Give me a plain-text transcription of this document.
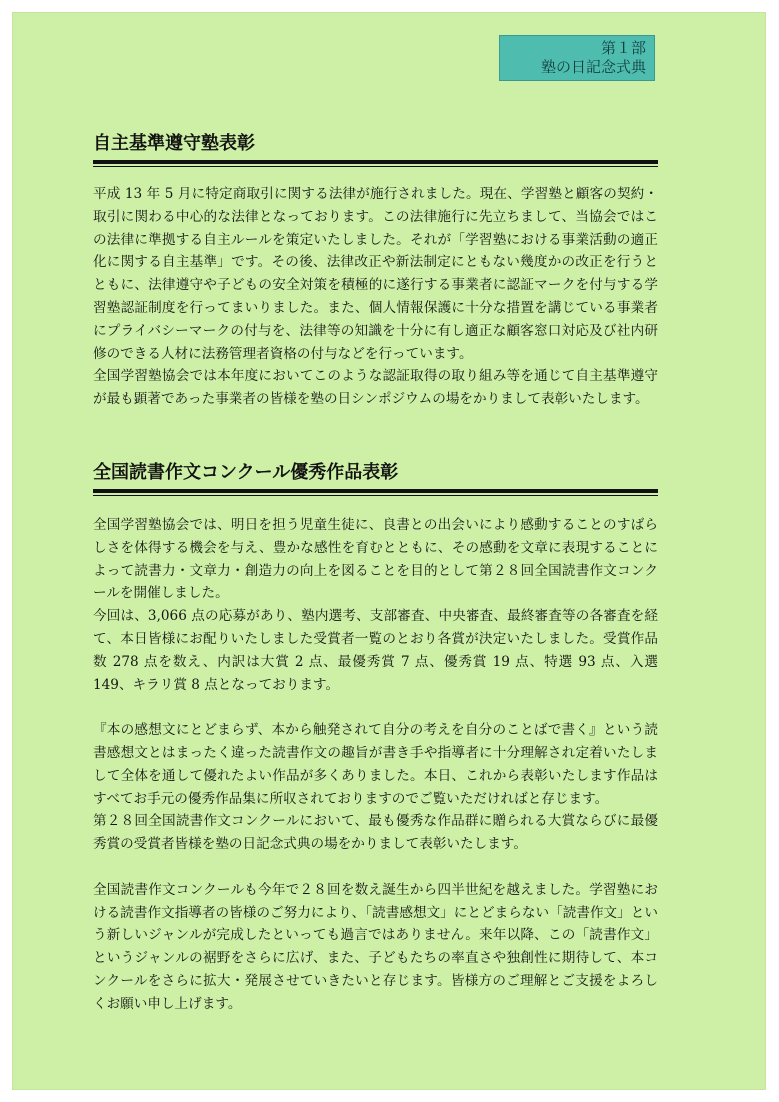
第１部
塾の日記念式典
自主基準遵守塾表彰

平成 13 年 5 月に特定商取引に関する法律が施行されました。現在、学習塾と顧客の契約・取引に関わる中心的な法律となっております。この法律施行に先立ちまして、当協会ではこの法律に準拠する自主ルールを策定いたしました。それが「学習塾における事業活動の適正化に関する自主基準」です。その後、法律改正や新法制定にともない幾度かの改正を行うとともに、法律遵守や子どもの安全対策を積極的に遂行する事業者に認証マークを付与する学習塾認証制度を行ってまいりました。また、個人情報保護に十分な措置を講じている事業者にプライバシーマークの付与を、法律等の知識を十分に有し適正な顧客窓口対応及び社内研修のできる人材に法務管理者資格の付与などを行っています。

全国学習塾協会では本年度においてこのような認証取得の取り組み等を通じて自主基準遵守が最も顕著であった事業者の皆様を塾の日シンポジウムの場をかりまして表彰いたします。

全国読書作文コンクール優秀作品表彰

全国学習塾協会では、明日を担う児童生徒に、良書との出会いにより感動することのすばらしさを体得する機会を与え、豊かな感性を育むとともに、その感動を文章に表現することによって読書力・文章力・創造力の向上を図ることを目的として第２８回全国読書作文コンクールを開催しました。

今回は、3,066 点の応募があり、塾内選考、支部審査、中央審査、最終審査等の各審査を経て、本日皆様にお配りいたしました受賞者一覧のとおり各賞が決定いたしました。受賞作品数 278 点を数え、内訳は大賞 2 点、最優秀賞 7 点、優秀賞 19 点、特選 93 点、入選 149、キラリ賞 8 点となっております。

『本の感想文にとどまらず、本から触発されて自分の考えを自分のことばで書く』という読書感想文とはまったく違った読書作文の趣旨が書き手や指導者に十分理解され定着いたしまして全体を通して優れたよい作品が多くありました。本日、これから表彰いたします作品はすべてお手元の優秀作品集に所収されておりますのでご覧いただければと存じます。

第２８回全国読書作文コンクールにおいて、最も優秀な作品群に贈られる大賞ならびに最優秀賞の受賞者皆様を塾の日記念式典の場をかりまして表彰いたします。

全国読書作文コンクールも今年で２８回を数え誕生から四半世紀を越えました。学習塾における読書作文指導者の皆様のご努力により、「読書感想文」にとどまらない「読書作文」という新しいジャンルが完成したといっても過言ではありません。来年以降、この「読書作文」というジャンルの裾野をさらに広げ、また、子どもたちの率直さや独創性に期待して、本コンクールをさらに拡大・発展させていきたいと存じます。皆様方のご理解とご支援をよろしくお願い申し上げます。
